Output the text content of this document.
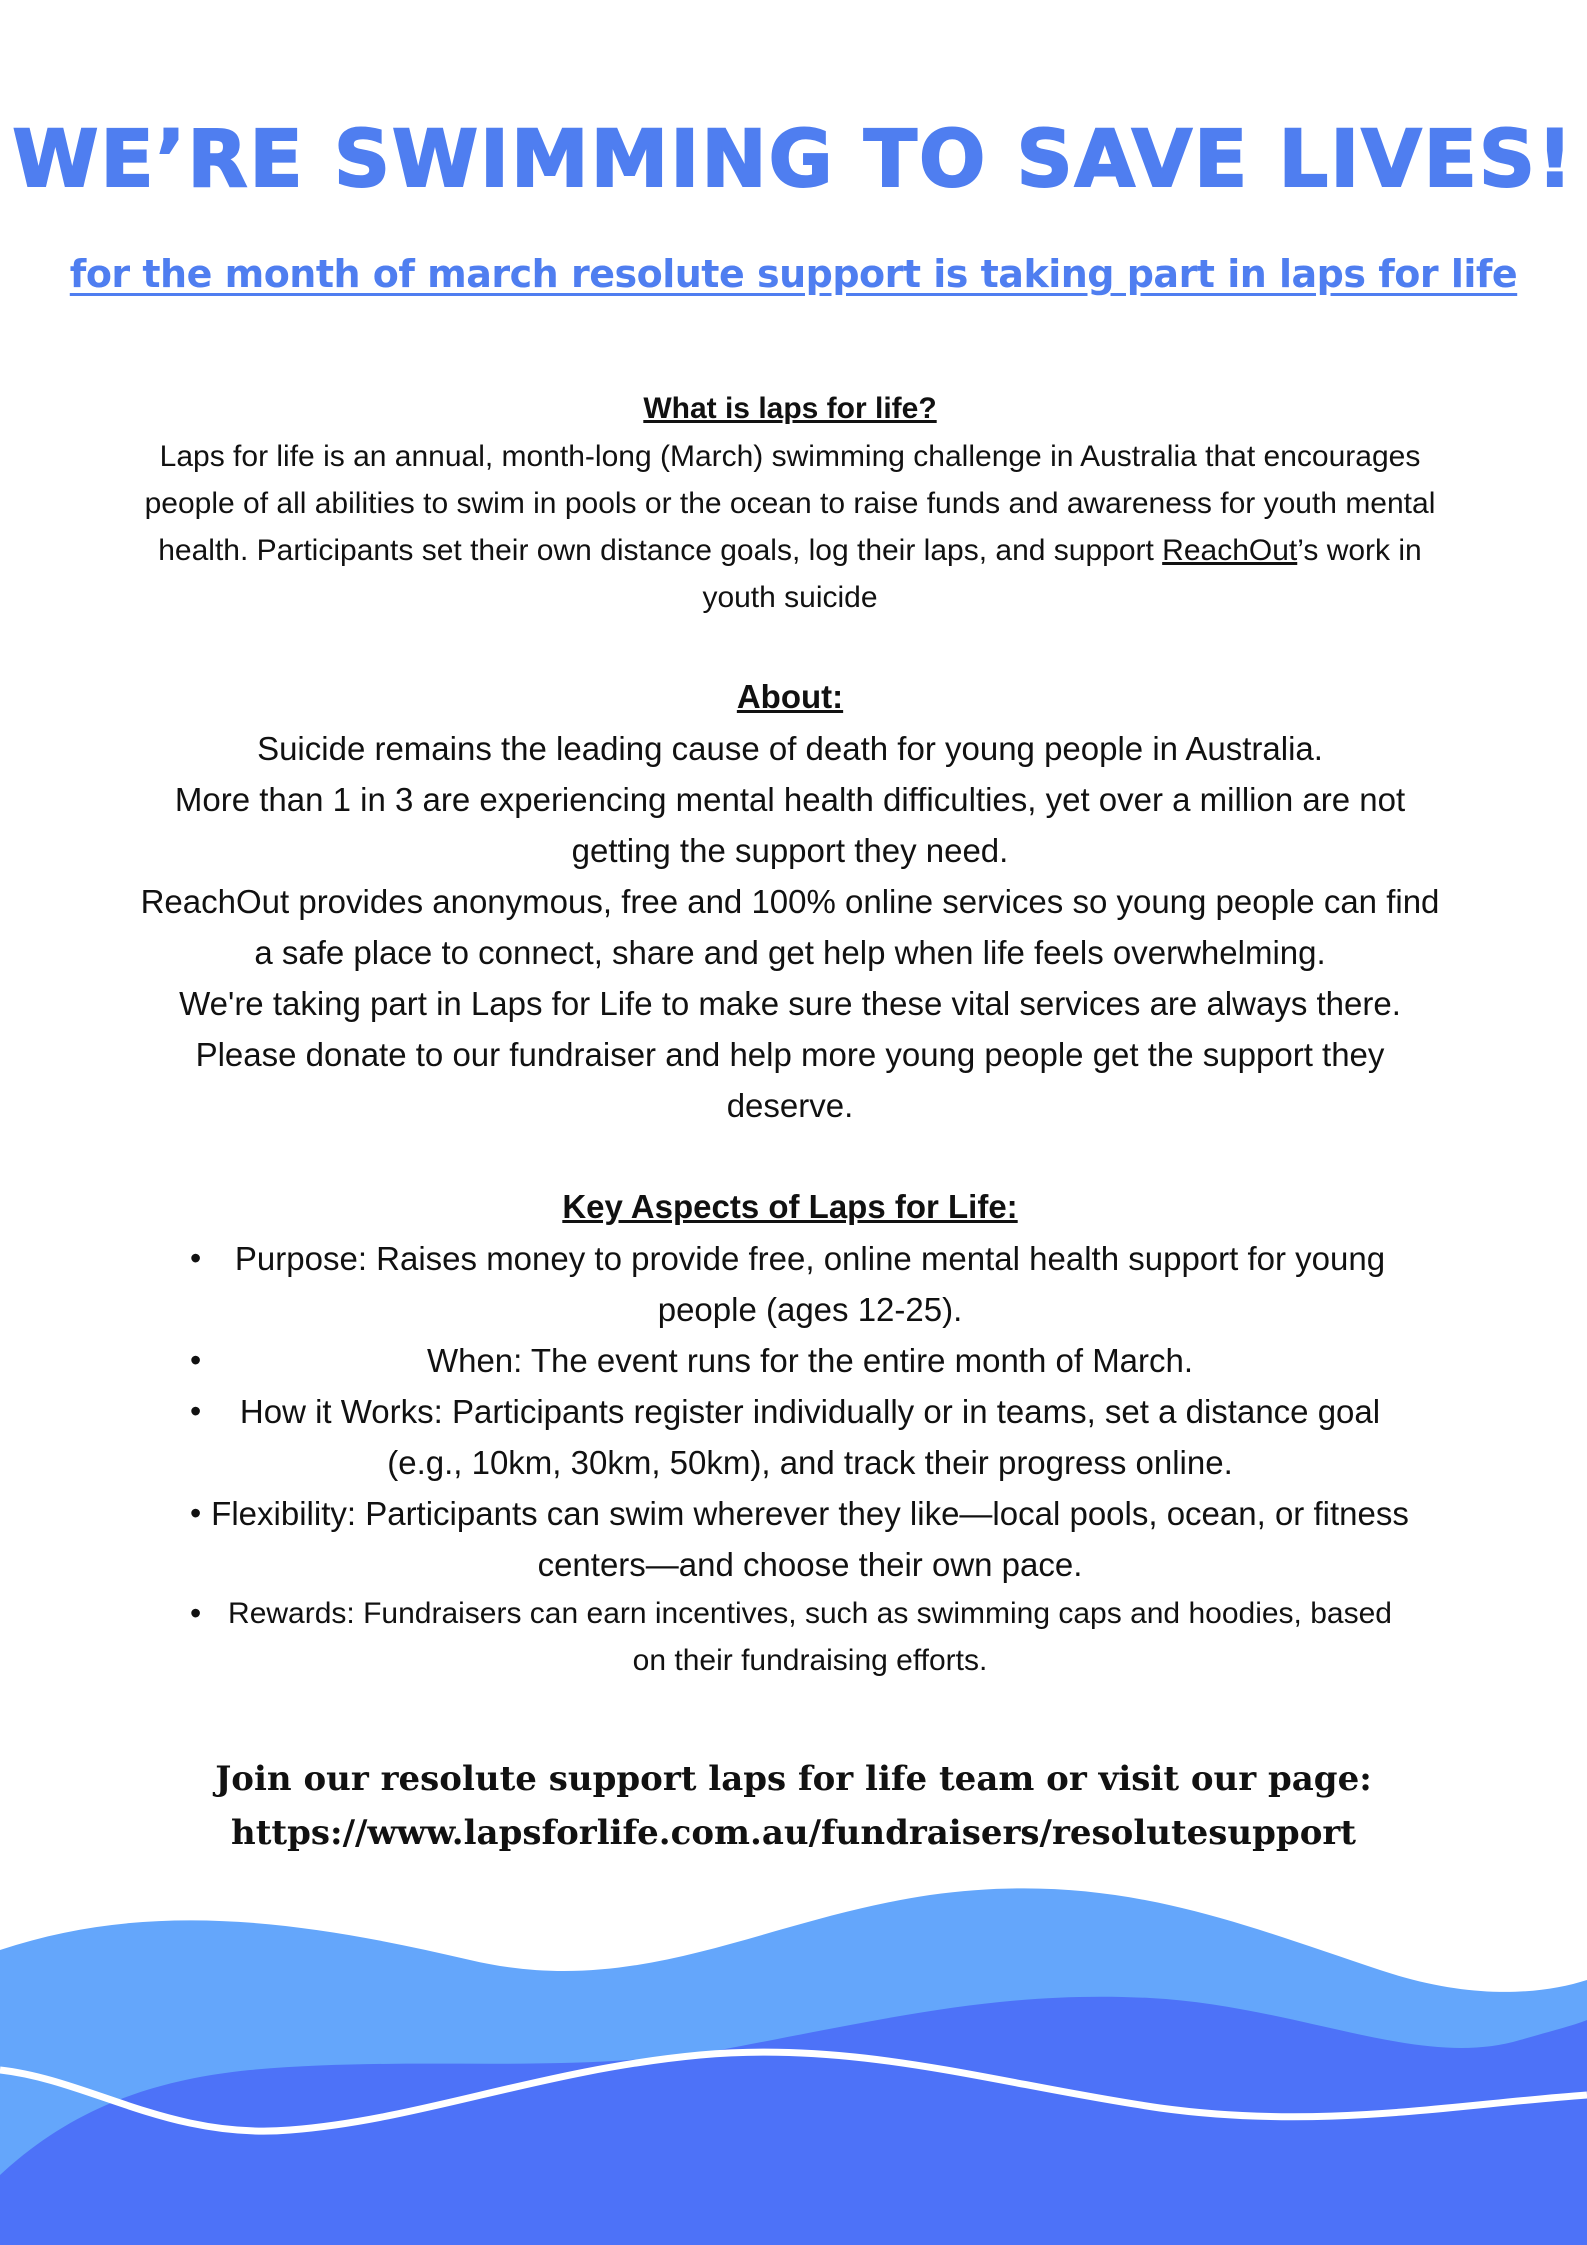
WE’RE SWIMMING TO SAVE LIVES!
for the month of march resolute support is taking part in laps for life
What is laps for life?

Laps for life is an annual, month-long (March) swimming challenge in Australia that encourages people of all abilities to swim in pools or the ocean to raise funds and awareness for youth mental health. Participants set their own distance goals, log their laps, and support ReachOut’s work in youth suicide

About:

Suicide remains the leading cause of death for young people in Australia.

More than 1 in 3 are experiencing mental health difficulties, yet over a million are not getting the support they need.

ReachOut provides anonymous, free and 100% online services so young people can find a safe place to connect, share and get help when life feels overwhelming.

We're taking part in Laps for Life to make sure these vital services are always there.

Please donate to our fundraiser and help more young people get the support they deserve.

Key Aspects of Laps for Life:
• Purpose: Raises money to provide free, online mental health support for young people (ages 12-25).
•	When: The event runs for the entire month of March.
• How it Works: Participants register individually or in teams, set a distance goal (e.g., 10km, 30km, 50km), and track their progress online.
• Flexibility: Participants can swim wherever they like—local pools, ocean, or fitness centers—and choose their own pace.
• Rewards: Fundraisers can earn incentives, such as swimming caps and hoodies, based on their fundraising efforts.
Join our resolute support laps for life team or visit our page:
https://www.lapsforlife.com.au/fundraisers/resolutesupport
